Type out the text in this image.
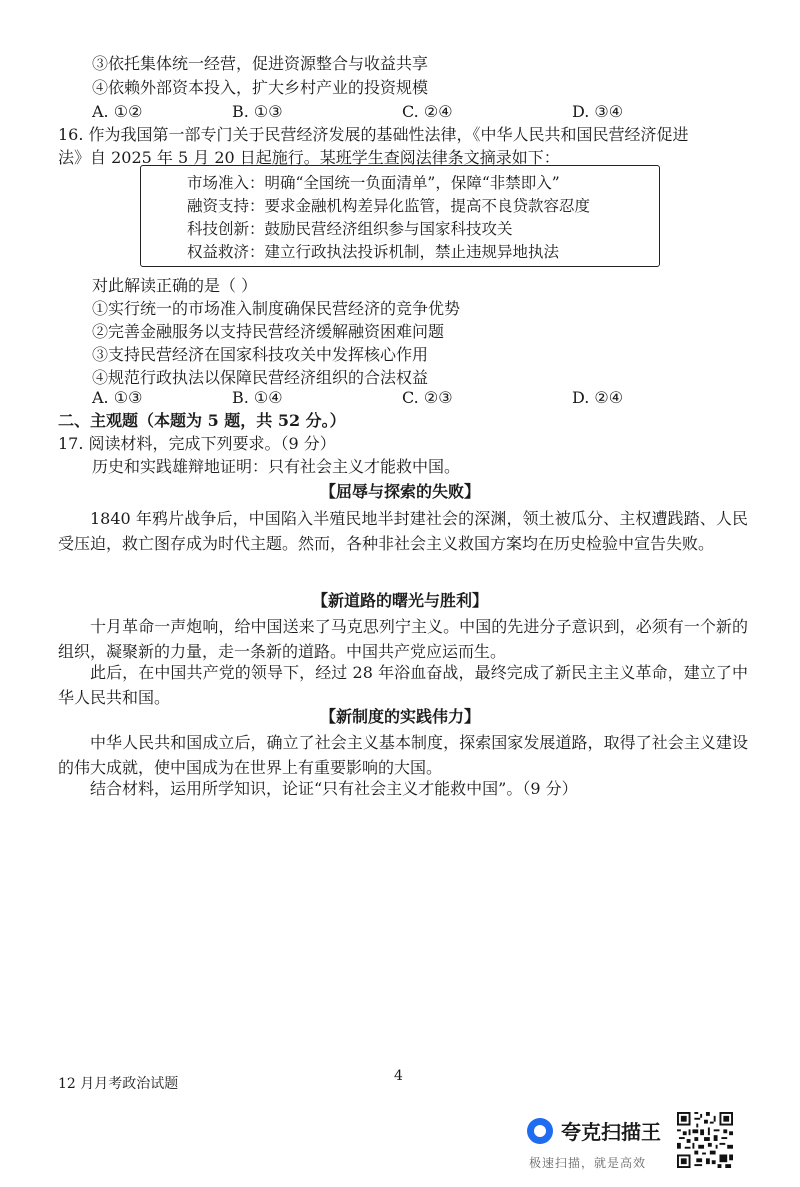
③依托集体统一经营，促进资源整合与收益共享
④依赖外部资本投入，扩大乡村产业的投资规模
A. ①②	B. ①③	C. ②④	D. ③④
16. 作为我国第一部专门关于民营经济发展的基础性法律，《中华人民共和国民营经济促进
法》自 2025 年 5 月 20 日起施行。某班学生查阅法律条文摘录如下：
市场准入：明确“全国统一负面清单”，保障“非禁即入”
融资支持：要求金融机构差异化监管，提高不良贷款容忍度
科技创新：鼓励民营经济组织参与国家科技攻关
权益救济：建立行政执法投诉机制，禁止违规异地执法
对此解读正确的是（ ）
①实行统一的市场准入制度确保民营经济的竞争优势
②完善金融服务以支持民营经济缓解融资困难问题
③支持民营经济在国家科技攻关中发挥核心作用
④规范行政执法以保障民营经济组织的合法权益
A. ①③	B. ①④	C. ②③	D. ②④
二、主观题（本题为 5 题，共 52 分。）
17. 阅读材料，完成下列要求。（9 分）
历史和实践雄辩地证明：只有社会主义才能救中国。
【屈辱与探索的失败】
1840 年鸦片战争后，中国陷入半殖民地半封建社会的深渊，领土被瓜分、主权遭践踏、人民受压迫，救亡图存成为时代主题。然而，各种非社会主义救国方案均在历史检验中宣告失败。
【新道路的曙光与胜利】
十月革命一声炮响，给中国送来了马克思列宁主义。中国的先进分子意识到，必须有一个新的组织，凝聚新的力量，走一条新的道路。中国共产党应运而生。
此后，在中国共产党的领导下，经过 28 年浴血奋战，最终完成了新民主主义革命，建立了中华人民共和国。
【新制度的实践伟力】
中华人民共和国成立后，确立了社会主义基本制度，探索国家发展道路，取得了社会主义建设的伟大成就，使中国成为在世界上有重要影响的大国。
结合材料，运用所学知识，论证“只有社会主义才能救中国”。（9 分）
12 月月考政治试题	4
夸克扫描王
极速扫描，就是高效
